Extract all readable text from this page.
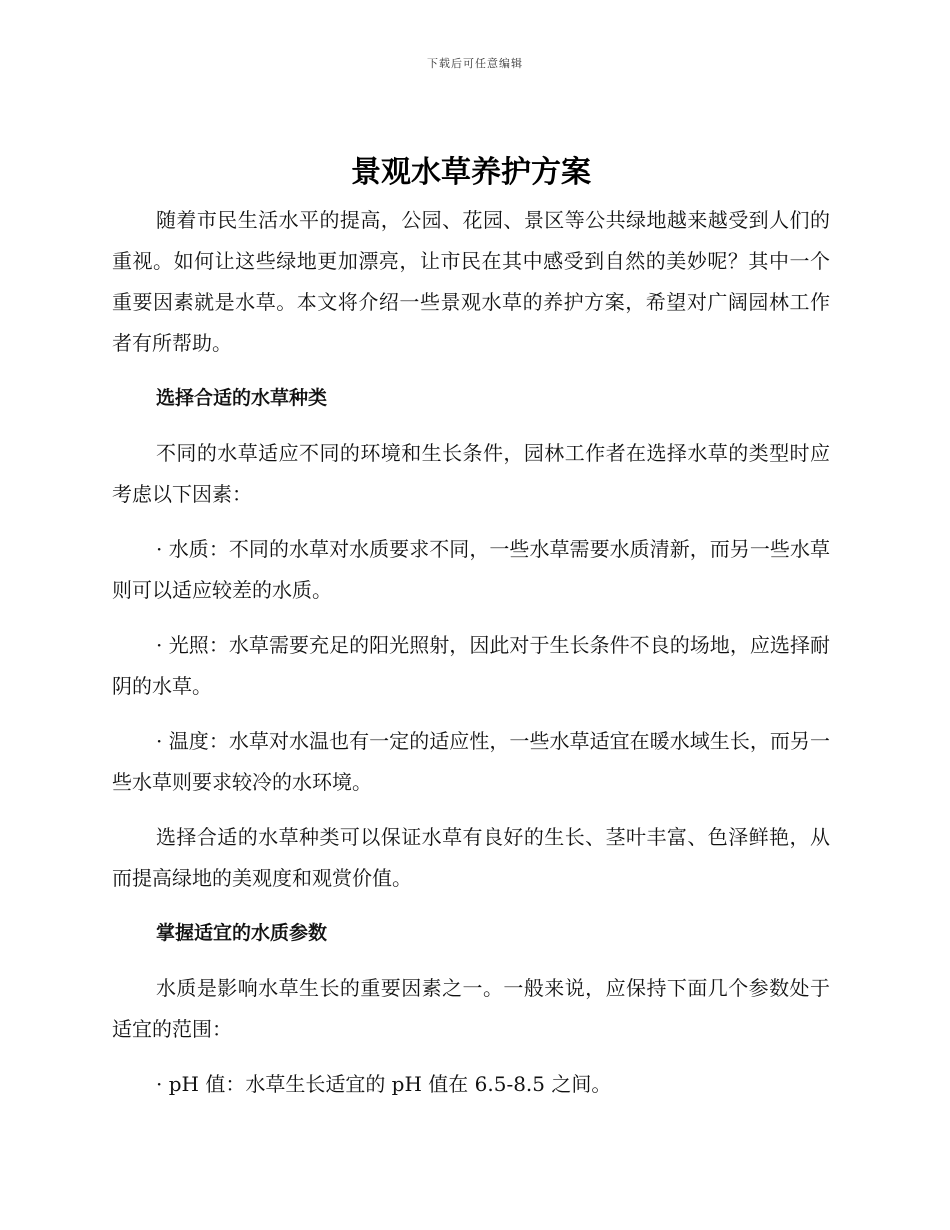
下载后可任意编辑
景观水草养护方案

随着市民生活水平的提高，公园、花园、景区等公共绿地越来越受到人们的重视。如何让这些绿地更加漂亮，让市民在其中感受到自然的美妙呢？其中一个重要因素就是水草。本文将介绍一些景观水草的养护方案，希望对广阔园林工作者有所帮助。

选择合适的水草种类

不同的水草适应不同的环境和生长条件，园林工作者在选择水草的类型时应考虑以下因素：

· 水质：不同的水草对水质要求不同，一些水草需要水质清新，而另一些水草则可以适应较差的水质。

· 光照：水草需要充足的阳光照射，因此对于生长条件不良的场地，应选择耐阴的水草。

· 温度：水草对水温也有一定的适应性，一些水草适宜在暖水域生长，而另一些水草则要求较冷的水环境。

选择合适的水草种类可以保证水草有良好的生长、茎叶丰富、色泽鲜艳，从而提高绿地的美观度和观赏价值。

掌握适宜的水质参数

水质是影响水草生长的重要因素之一。一般来说，应保持下面几个参数处于适宜的范围：

· pH 值：水草生长适宜的 pH 值在 6.5-8.5 之间。
